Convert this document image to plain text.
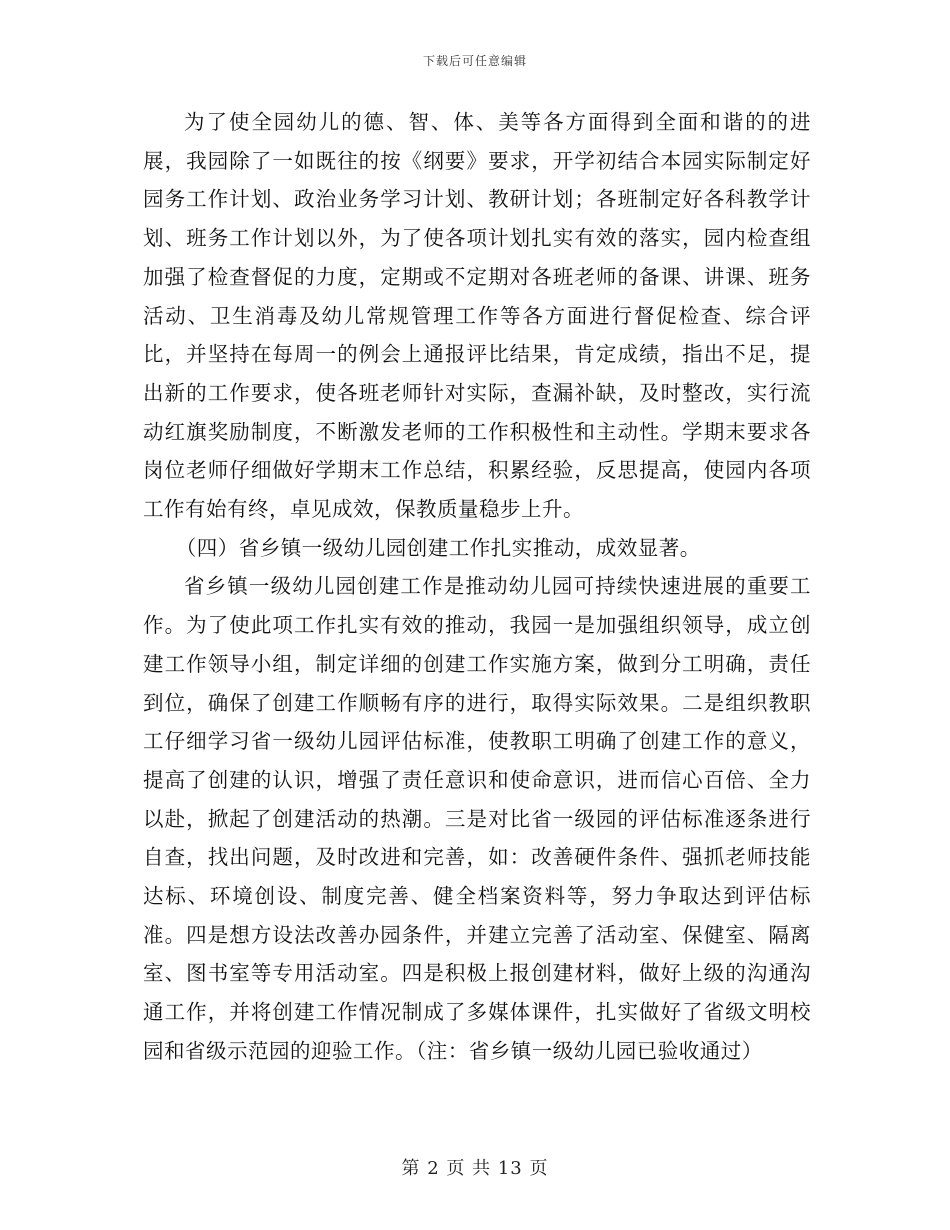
下载后可任意编辑

为了使全园幼儿的德、智、体、美等各方面得到全面和谐的的进展，我园除了一如既往的按《纲要》要求，开学初结合本园实际制定好园务工作计划、政治业务学习计划、教研计划；各班制定好各科教学计划、班务工作计划以外，为了使各项计划扎实有效的落实，园内检查组加强了检查督促的力度，定期或不定期对各班老师的备课、讲课、班务活动、卫生消毒及幼儿常规管理工作等各方面进行督促检查、综合评比，并坚持在每周一的例会上通报评比结果，肯定成绩，指出不足，提出新的工作要求，使各班老师针对实际，查漏补缺，及时整改，实行流动红旗奖励制度，不断激发老师的工作积极性和主动性。学期末要求各岗位老师仔细做好学期末工作总结，积累经验，反思提高，使园内各项工作有始有终，卓见成效，保教质量稳步上升。

（四）省乡镇一级幼儿园创建工作扎实推动，成效显著。

省乡镇一级幼儿园创建工作是推动幼儿园可持续快速进展的重要工作。为了使此项工作扎实有效的推动，我园一是加强组织领导，成立创建工作领导小组，制定详细的创建工作实施方案，做到分工明确，责任到位，确保了创建工作顺畅有序的进行，取得实际效果。二是组织教职工仔细学习省一级幼儿园评估标准，使教职工明确了创建工作的意义，提高了创建的认识，增强了责任意识和使命意识，进而信心百倍、全力以赴，掀起了创建活动的热潮。三是对比省一级园的评估标准逐条进行自查，找出问题，及时改进和完善，如：改善硬件条件、强抓老师技能达标、环境创设、制度完善、健全档案资料等，努力争取达到评估标准。四是想方设法改善办园条件，并建立完善了活动室、保健室、隔离室、图书室等专用活动室。四是积极上报创建材料，做好上级的沟通沟通工作，并将创建工作情况制成了多媒体课件，扎实做好了省级文明校园和省级示范园的迎验工作。（注：省乡镇一级幼儿园已验收通过）

第 2 页 共 13 页
